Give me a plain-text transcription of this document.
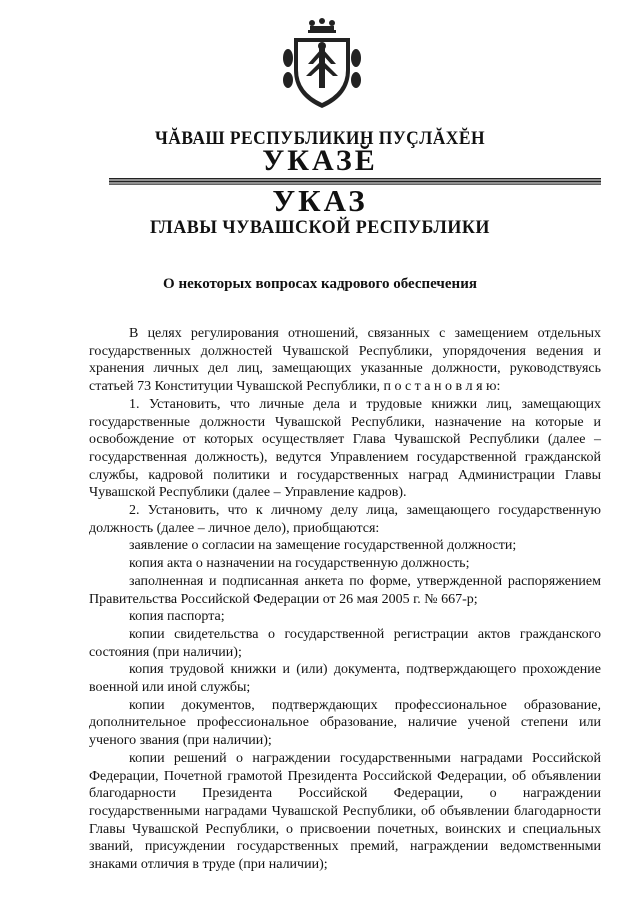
ЧĂВАШ РЕСПУБЛИКИН ПУÇЛĂХĔН
УКАЗĔ
УКАЗ
ГЛАВЫ ЧУВАШСКОЙ РЕСПУБЛИКИ
О некоторых вопросах кадрового обеспечения

В целях регулирования отношений, связанных с замещением отдельных государственных должностей Чувашской Республики, упорядочения ведения и хранения личных дел лиц, замещающих указанные должности, руководствуясь статьей 73 Конституции Чувашской Республики, п о с т а н о в л я ю:

1. Установить, что личные дела и трудовые книжки лиц, замещающих государственные должности Чувашской Республики, назначение на которые и освобождение от которых осуществляет Глава Чувашской Республики (далее – государственная должность), ведутся Управлением государственной гражданской службы, кадровой политики и государственных наград Администрации Главы Чувашской Республики (далее – Управление кадров).

2. Установить, что к личному делу лица, замещающего государственную должность (далее – личное дело), приобщаются:

заявление о согласии на замещение государственной должности;

копия акта о назначении на государственную должность;

заполненная и подписанная анкета по форме, утвержденной распоряжением Правительства Российской Федерации от 26 мая 2005 г. № 667-р;

копия паспорта;

копии свидетельства о государственной регистрации актов гражданского состояния (при наличии);

копия трудовой книжки и (или) документа, подтверждающего прохождение военной или иной службы;

копии документов, подтверждающих профессиональное образование, дополнительное профессиональное образование, наличие ученой степени или ученого звания (при наличии);

копии решений о награждении государственными наградами Российской Федерации, Почетной грамотой Президента Российской Федерации, об объявлении благодарности Президента Российской Федерации, о награждении государственными наградами Чувашской Республики, об объявлении благодарности Главы Чувашской Республики, о присвоении почетных, воинских и специальных званий, присуждении государственных премий, награждении ведомственными знаками отличия в труде (при наличии);
